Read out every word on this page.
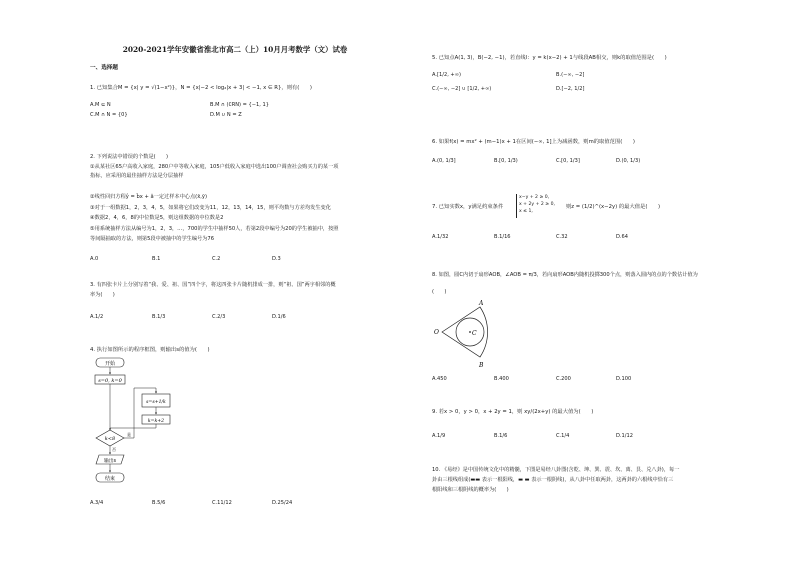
2020-2021学年安徽省淮北市高二（上）10月月考数学（文）试卷
一、选择题
1. 已知集合M = {x| y = √(1−x²)}，N = {x|−2 < log₂|x + 3| < −1, x ∈ R}，则有(　　)
A.M ⊆ N	B.M ∩ (∁RN) = {−1, 1}
C.M ∩ N = {0}	D.M ∪ N = Z
2. 下列说法中错误的个数是(　　)
①从某社区65户高收入家庭，280户中等收入家庭，105户低收入家庭中选出100户调查社会购买力的某一项
指标，应采用的最佳抽样方法是分层抽样
②线性回归方程ŷ = b̂x + â一定过样本中心点(x̄,ȳ)
③对于一组数据1，2，3，4，5，如果将它们改变为11，12，13，14，15，则平均数与方差均发生变化
④数据2，4，6，8的中位数是5，则这组数据的中位数是2
⑤用系统抽样方法从编号为1，2，3，…，700的学生中抽样50人，若第2段中编号为20的学生被抽中，按照
等间隔抽取的方法，则第5段中被抽中的学生编号为76
A.0	B.1	C.2	D.3
3. 有四张卡片上分别写着“我、爱、祖、国”四个字，将这四张卡片随机排成一排，则“祖、国”两字相邻的概
率为(　　)
A.1/2	B.1/3	C.2/3	D.1/6
4. 执行如图所示的程序框图，则输出s的值为(　　)
开始
s=0, k=0
s=s+1/k
k=k+2
k<8
是
否
输出s
结束
A.3/4	B.5/6	C.11/12	D.25/24
5. 已知点A(1, 3)，B(−2, −1)，若直线l：y = k(x−2) + 1与线段AB相交，则k的取值范围是(　　)
A.[1/2, +∞)	B.(−∞, −2]
C.(−∞, −2] ∪ [1/2, +∞)	D.[−2, 1/2]
6. 如果f(x) = mx² + (m−1)x + 1在区间(−∞, 1]上为减函数，则m的取值范围(　　)
A.(0, 1/3]	B.[0, 1/3)	C.[0, 1/3]	D.(0, 1/3)
7. 已知实数x，y满足约束条件
x−y + 2 ≥ 0,
x + 2y + 2 ≥ 0,
x ≤ 1,
则z = (1/2)^(x−2y) 的最大值是(　　)
A.1/32	B.1/16	C.32	D.64
8. 如图，圆C内切于扇形AOB，∠AOB = π/3，若向扇形AOB内随机投掷300个点，则落入圆内的点的个数估计值为
(　　)
A
B
O	C
A.450	B.400	C.200	D.100
9. 若x > 0，y > 0，x + 2y = 1，则 xy/(2x+y) 的最大值为(　　)
A.1/9	B.1/6	C.1/4	D.1/12
10. 《易经》是中国传统文化中的精髓，下图是易经八卦图(含乾、坤、巽、震、坎、离、艮、兑八卦)，每一
卦由三根线组成(▬▬ 表示一根阳线，▬ ▬ 表示一根阴线)，从八卦中任取两卦，这两卦的六根线中恰有三
根阳线和三根阴线的概率为(　　)
